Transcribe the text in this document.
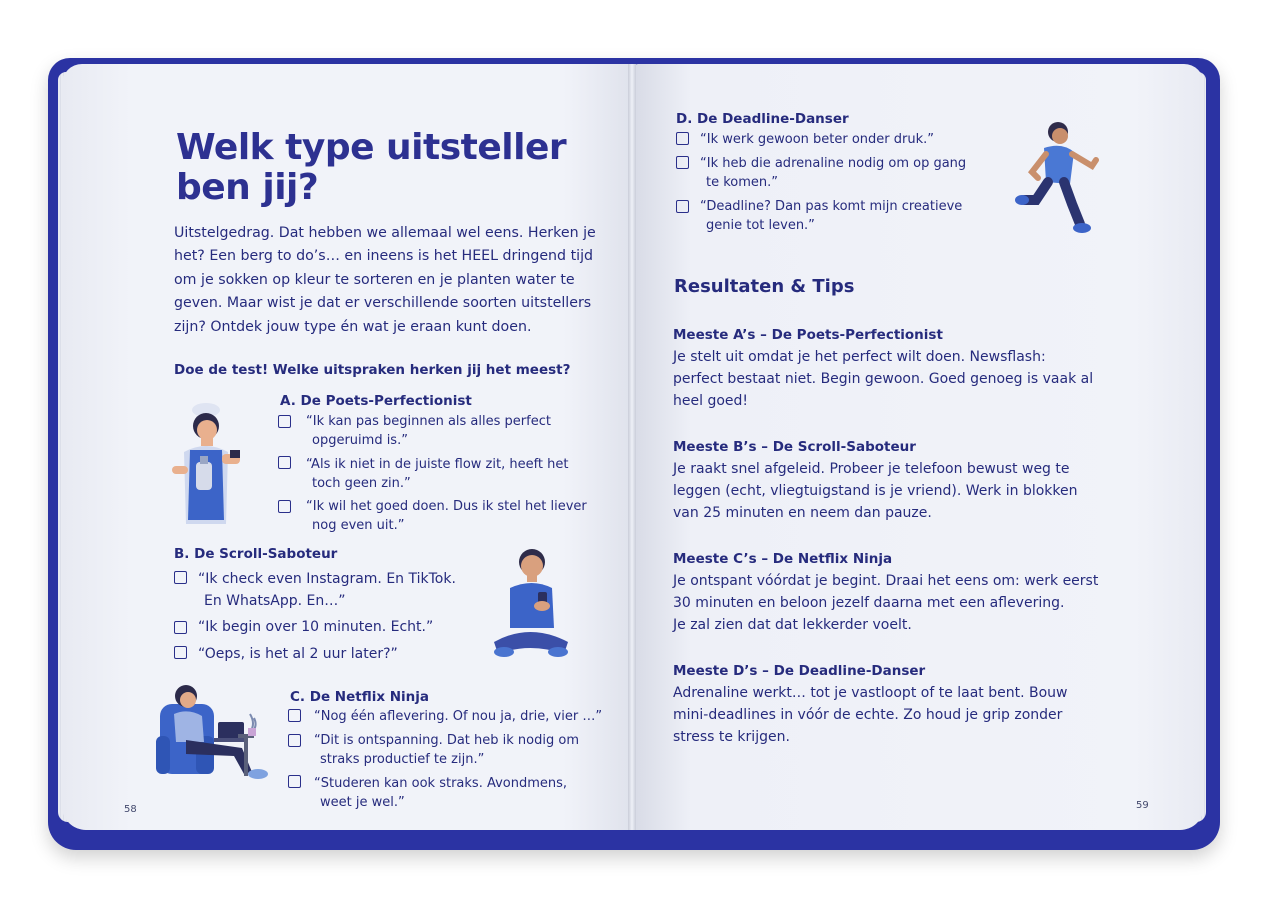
Welk type uitsteller
ben jij?
Uitstelgedrag. Dat hebben we allemaal wel eens. Herken je
het? Een berg to do’s… en ineens is het HEEL dringend tijd
om je sokken op kleur te sorteren en je planten water te
geven. Maar wist je dat er verschillende soorten uitstellers
zijn? Ontdek jouw type én wat je eraan kunt doen.
Doe de test! Welke uitspraken herken jij het meest?
A. De Poets-Perfectionist
“Ik kan pas beginnen als alles perfect
opgeruimd is.”
“Als ik niet in de juiste flow zit, heeft het
toch geen zin.”
“Ik wil het goed doen. Dus ik stel het liever
nog even uit.”
B. De Scroll-Saboteur
“Ik check even Instagram. En TikTok.
En WhatsApp. En…”
“Ik begin over 10 minuten. Echt.”
“Oeps, is het al 2 uur later?”
C. De Netflix Ninja
“Nog één aflevering. Of nou ja, drie, vier …”
“Dit is ontspanning. Dat heb ik nodig om
straks productief te zijn.”
“Studeren kan ook straks. Avondmens,
weet je wel.”
58
D. De Deadline-Danser
“Ik werk gewoon beter onder druk.”
“Ik heb die adrenaline nodig om op gang
te komen.”
“Deadline? Dan pas komt mijn creatieve
genie tot leven.”
Resultaten & Tips
Meeste A’s – De Poets-Perfectionist
Je stelt uit omdat je het perfect wilt doen. Newsflash:
perfect bestaat niet. Begin gewoon. Goed genoeg is vaak al
heel goed!
Meeste B’s – De Scroll-Saboteur
Je raakt snel afgeleid. Probeer je telefoon bewust weg te
leggen (echt, vliegtuigstand is je vriend). Werk in blokken
van 25 minuten en neem dan pauze.
Meeste C’s – De Netflix Ninja
Je ontspant vóórdat je begint. Draai het eens om: werk eerst
30 minuten en beloon jezelf daarna met een aflevering.
Je zal zien dat dat lekkerder voelt.
Meeste D’s – De Deadline-Danser
Adrenaline werkt… tot je vastloopt of te laat bent. Bouw
mini-deadlines in vóór de echte. Zo houd je grip zonder
stress te krijgen.
59
